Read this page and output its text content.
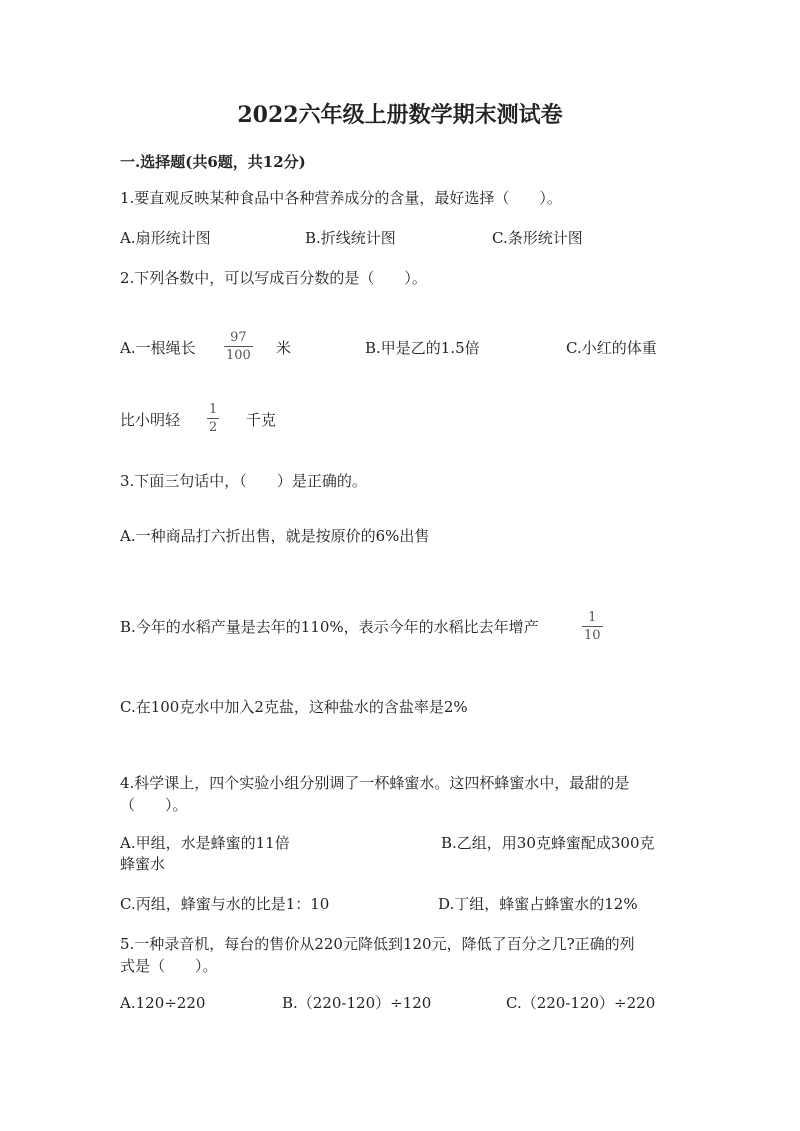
2022六年级上册数学期末测试卷
一.选择题(共6题，共12分)
1.要直观反映某种食品中各种营养成分的含量，最好选择（　　）。
A.扇形统计图	B.折线统计图	C.条形统计图
2.下列各数中，可以写成百分数的是（　　）。
A.一根绳长
97
100 米	B.甲是乙的1.5倍	C.小红的体重
比小明轻
1
2 千克
3.下面三句话中，（　　）是正确的。
A.一种商品打六折出售，就是按原价的6%出售
B.今年的水稻产量是去年的110%，表示今年的水稻比去年增产
1
10
C.在100克水中加入2克盐，这种盐水的含盐率是2%
4.科学课上，四个实验小组分别调了一杯蜂蜜水。这四杯蜂蜜水中，最甜的是
（　　）。
A.甲组，水是蜂蜜的11倍	B.乙组，用30克蜂蜜配成300克
蜂蜜水
C.丙组，蜂蜜与水的比是1：10	D.丁组，蜂蜜占蜂蜜水的12%
5.一种录音机，每台的售价从220元降低到120元，降低了百分之几?正确的列
式是（　　）。
A.120÷220	B.（220-120）÷120	C.（220-120）÷220
